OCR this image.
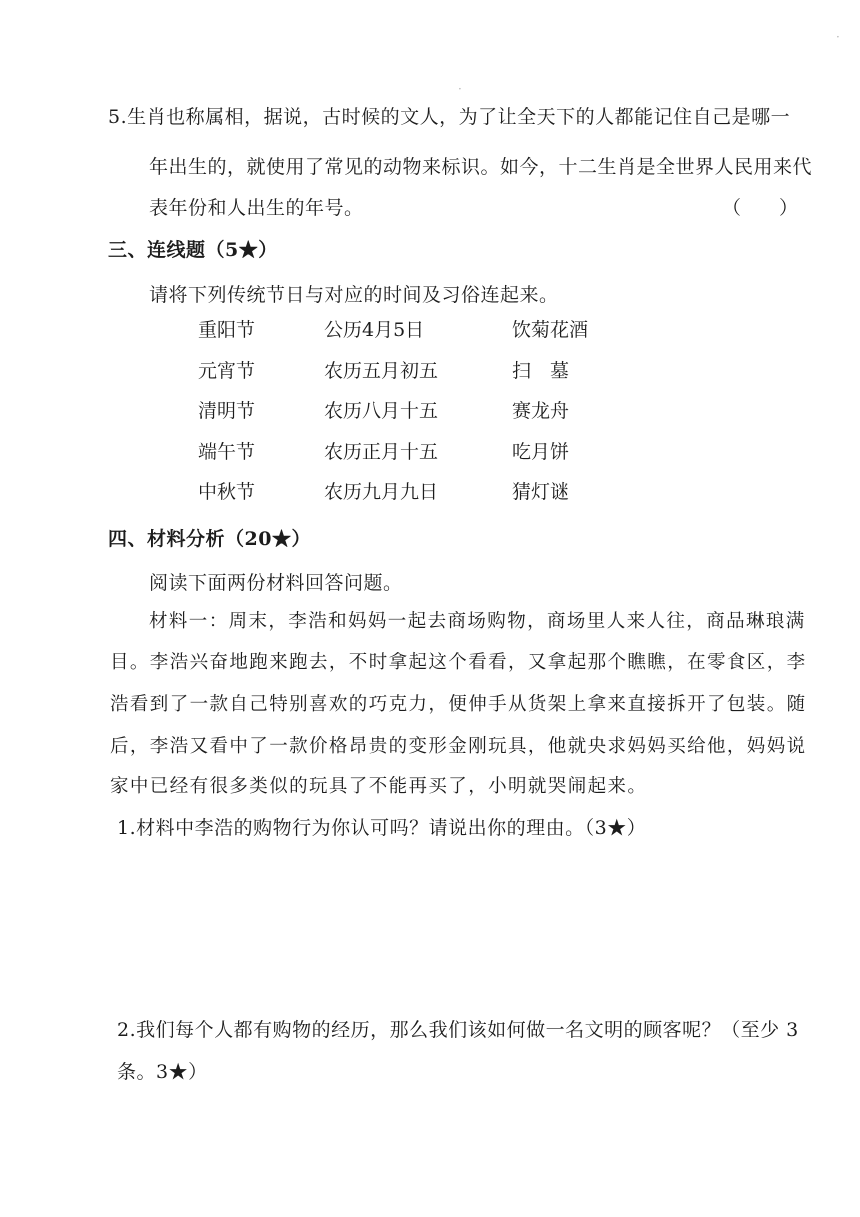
5.生肖也称属相，据说，古时候的文人，为了让全天下的人都能记住自己是哪一
年出生的，就使用了常见的动物来标识。如今，十二生肖是全世界人民用来代
表年份和人出生的年号。	（　　）
三、连线题（5★）
请将下列传统节日与对应的时间及习俗连起来。
重阳节
元宵节
清明节
端午节
中秋节
公历4月5日
农历五月初五
农历八月十五
农历正月十五
农历九月九日
饮菊花酒
扫　墓
赛龙舟
吃月饼
猜灯谜
四、材料分析（20★）
阅读下面两份材料回答问题。
材料一：周末，李浩和妈妈一起去商场购物，商场里人来人往，商品琳琅满
目。李浩兴奋地跑来跑去，不时拿起这个看看，又拿起那个瞧瞧，在零食区，李
浩看到了一款自己特别喜欢的巧克力，便伸手从货架上拿来直接拆开了包装。随
后，李浩又看中了一款价格昂贵的变形金刚玩具，他就央求妈妈买给他，妈妈说
家中已经有很多类似的玩具了不能再买了，小明就哭闹起来。
1.材料中李浩的购物行为你认可吗？请说出你的理由。（3★）
2.我们每个人都有购物的经历，那么我们该如何做一名文明的顾客呢？（至少 3
条。3★）
·
·
